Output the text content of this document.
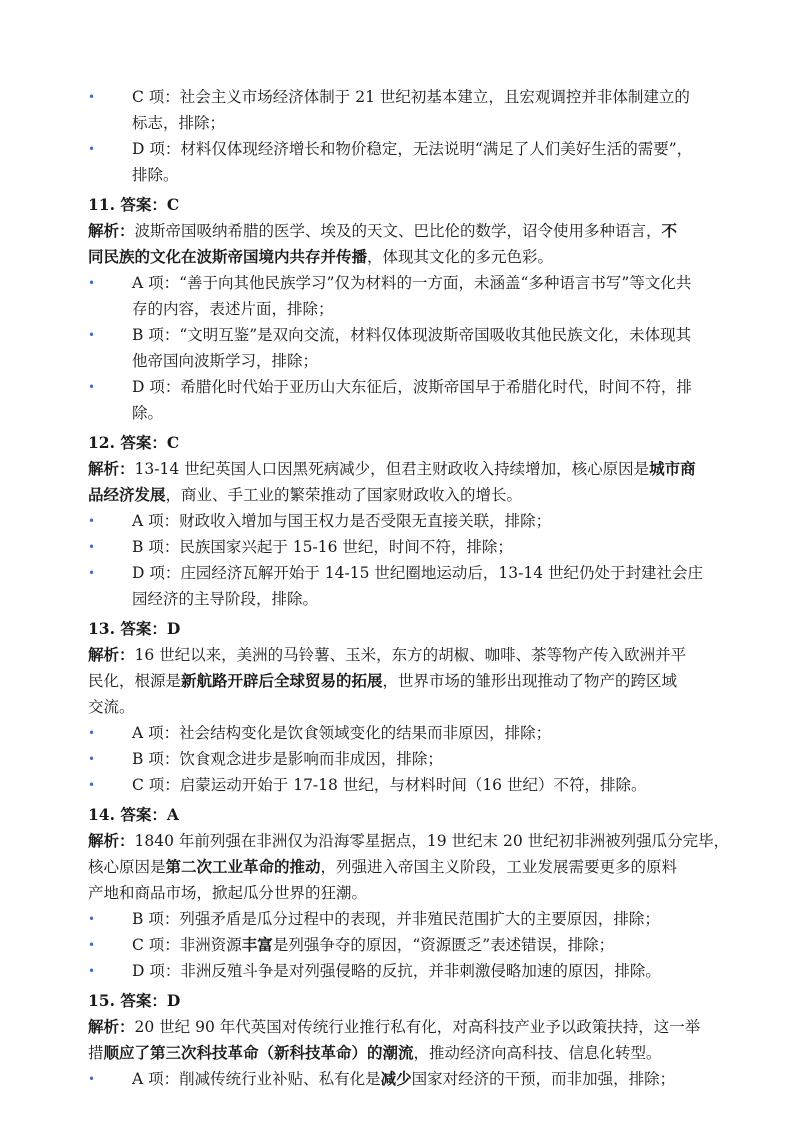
• C 项：社会主义市场经济体制于 21 世纪初基本建立，且宏观调控并非体制建立的
标志，排除；
• D 项：材料仅体现经济增长和物价稳定，无法说明“满足了人们美好生活的需要”，
排除。
11. 答案：C
解析：波斯帝国吸纳希腊的医学、埃及的天文、巴比伦的数学，诏令使用多种语言，不
同民族的文化在波斯帝国境内共存并传播，体现其文化的多元色彩。
• A 项：“善于向其他民族学习”仅为材料的一方面，未涵盖“多种语言书写”等文化共
存的内容，表述片面，排除；
• B 项：“文明互鉴”是双向交流，材料仅体现波斯帝国吸收其他民族文化，未体现其
他帝国向波斯学习，排除；
• D 项：希腊化时代始于亚历山大东征后，波斯帝国早于希腊化时代，时间不符，排
除。
12. 答案：C
解析：13-14 世纪英国人口因黑死病减少，但君主财政收入持续增加，核心原因是城市商
品经济发展，商业、手工业的繁荣推动了国家财政收入的增长。
• A 项：财政收入增加与国王权力是否受限无直接关联，排除；
• B 项：民族国家兴起于 15-16 世纪，时间不符，排除；
• D 项：庄园经济瓦解开始于 14-15 世纪圈地运动后，13-14 世纪仍处于封建社会庄
园经济的主导阶段，排除。
13. 答案：D
解析：16 世纪以来，美洲的马铃薯、玉米，东方的胡椒、咖啡、茶等物产传入欧洲并平
民化，根源是新航路开辟后全球贸易的拓展，世界市场的雏形出现推动了物产的跨区域
交流。
• A 项：社会结构变化是饮食领域变化的结果而非原因，排除；
• B 项：饮食观念进步是影响而非成因，排除；
• C 项：启蒙运动开始于 17-18 世纪，与材料时间（16 世纪）不符，排除。
14. 答案：A
解析：1840 年前列强在非洲仅为沿海零星据点，19 世纪末 20 世纪初非洲被列强瓜分完毕，
核心原因是第二次工业革命的推动，列强进入帝国主义阶段，工业发展需要更多的原料
产地和商品市场，掀起瓜分世界的狂潮。
• B 项：列强矛盾是瓜分过程中的表现，并非殖民范围扩大的主要原因，排除；
• C 项：非洲资源丰富是列强争夺的原因，“资源匮乏”表述错误，排除；
• D 项：非洲反殖斗争是对列强侵略的反抗，并非刺激侵略加速的原因，排除。
15. 答案：D
解析：20 世纪 90 年代英国对传统行业推行私有化，对高科技产业予以政策扶持，这一举
措顺应了第三次科技革命（新科技革命）的潮流，推动经济向高科技、信息化转型。
• A 项：削减传统行业补贴、私有化是减少国家对经济的干预，而非加强，排除；
